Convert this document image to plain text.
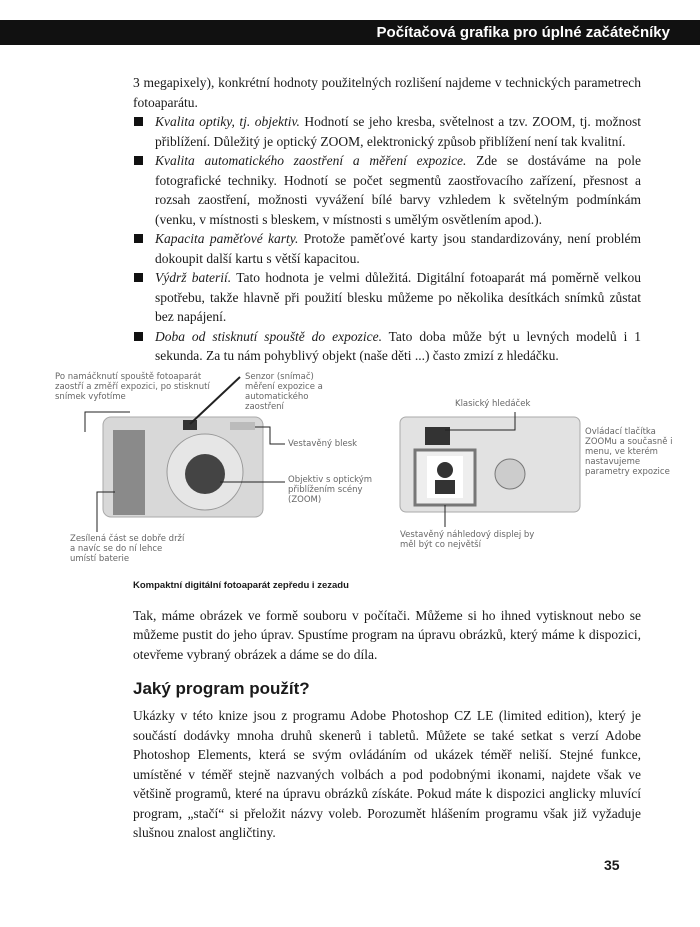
Počítačová grafika pro úplné začátečníky
3 megapixely), konkrétní hodnoty použitelných rozlišení najdeme v technických parametrech fotoaparátu.
Kvalita optiky, tj. objektiv. Hodnotí se jeho kresba, světelnost a tzv. ZOOM, tj. možnost přiblížení. Důležitý je optický ZOOM, elektronický způsob přiblížení není tak kvalitní.
Kvalita automatického zaostření a měření expozice. Zde se dostáváme na pole fotografické techniky. Hodnotí se počet segmentů zaostřovacího zařízení, přesnost a rozsah zaostření, možnosti vyvážení bílé barvy vzhledem k světelným podmínkám (venku, v místnosti s bleskem, v místnosti s umělým osvětlením apod.).
Kapacita paměťové karty. Protože paměťové karty jsou standardizovány, není problém dokoupit další kartu s větší kapacitou.
Výdrž baterií. Tato hodnota je velmi důležitá. Digitální fotoaparát má poměrně velkou spotřebu, takže hlavně při použití blesku můžeme po několika desítkách snímků zůstat bez napájení.
Doba od stisknutí spouště do expozice. Tato doba může být u levných modelů i 1 sekunda. Za tu nám pohyblivý objekt (naše děti ...) často zmizí z hledáčku.
Po namáčknutí spouště fotoaparát zaostří a změří expozici, po stisknutí snímek vyfotíme
Senzor (snímač) měření expozice a automatického zaostření
Vestavěný blesk
Objektiv s optickým přiblížením scény (ZOOM)
Zesílená část se dobře drží a navíc se do ní lehce umístí baterie
Klasický hledáček
Ovládací tlačítka ZOOMu a současně i menu, ve kterém nastavujeme parametry expozice
Vestavěný náhledový displej by měl být co největší
Kompaktní digitální fotoaparát zepředu i zezadu
Tak, máme obrázek ve formě souboru v počítači. Můžeme si ho ihned vytisknout nebo se můžeme pustit do jeho úprav. Spustíme program na úpravu obrázků, který máme k dispozici, otevřeme vybraný obrázek a dáme se do díla.
Jaký program použít?
Ukázky v této knize jsou z programu Adobe Photoshop CZ LE (limited edition), který je součástí dodávky mnoha druhů skenerů i tabletů. Můžete se také setkat s verzí Adobe Photoshop Elements, která se svým ovládáním od ukázek téměř neliší. Stejné funkce, umístěné v téměř stejně nazvaných volbách a pod podobnými ikonami, najdete však ve většině programů, které na úpravu obrázků získáte. Pokud máte k dispozici anglicky mluvící program, „stačí“ si přeložit názvy voleb. Porozumět hlášením programu však již vyžaduje slušnou znalost angličtiny.
35
